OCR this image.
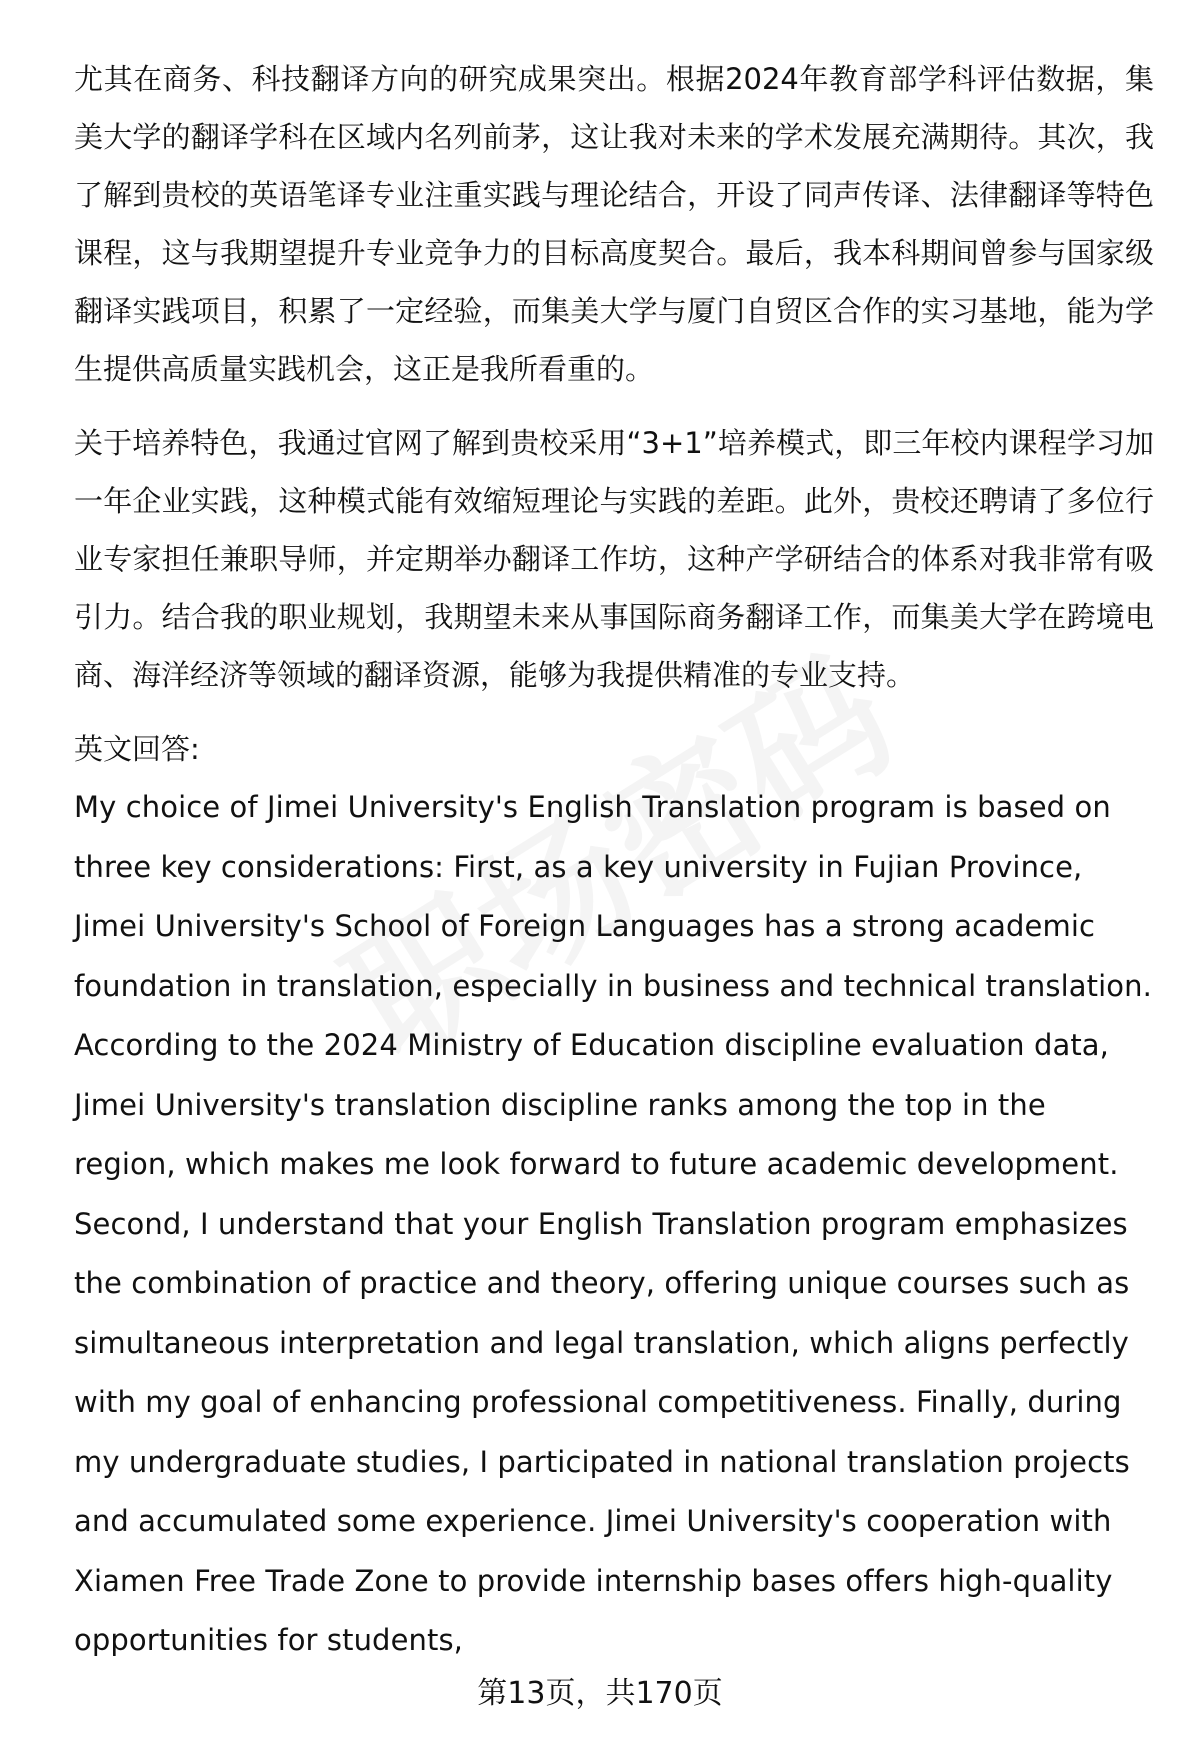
尤其在商务、科技翻译方向的研究成果突出。根据2024年教育部学科评估数据，集美大学的翻译学科在区域内名列前茅，这让我对未来的学术发展充满期待。其次，我了解到贵校的英语笔译专业注重实践与理论结合，开设了同声传译、法律翻译等特色课程，这与我期望提升专业竞争力的目标高度契合。最后，我本科期间曾参与国家级翻译实践项目，积累了一定经验，而集美大学与厦门自贸区合作的实习基地，能为学生提供高质量实践机会，这正是我所看重的。

关于培养特色，我通过官网了解到贵校采用“3+1”培养模式，即三年校内课程学习加一年企业实践，这种模式能有效缩短理论与实践的差距。此外，贵校还聘请了多位行业专家担任兼职导师，并定期举办翻译工作坊，这种产学研结合的体系对我非常有吸引力。结合我的职业规划，我期望未来从事国际商务翻译工作，而集美大学在跨境电商、海洋经济等领域的翻译资源，能够为我提供精准的专业支持。

英文回答:

My choice of Jimei University's English Translation program is based on three key considerations: First, as a key university in Fujian Province, Jimei University's School of Foreign Languages has a strong academic foundation in translation, especially in business and technical translation. According to the 2024 Ministry of Education discipline evaluation data, Jimei University's translation discipline ranks among the top in the region, which makes me look forward to future academic development. Second, I understand that your English Translation program emphasizes the combination of practice and theory, offering unique courses such as simultaneous interpretation and legal translation, which aligns perfectly with my goal of enhancing professional competitiveness. Finally, during my undergraduate studies, I participated in national translation projects and accumulated some experience. Jimei University's cooperation with Xiamen Free Trade Zone to provide internship bases offers high-quality opportunities for students,

第13页，共170页
